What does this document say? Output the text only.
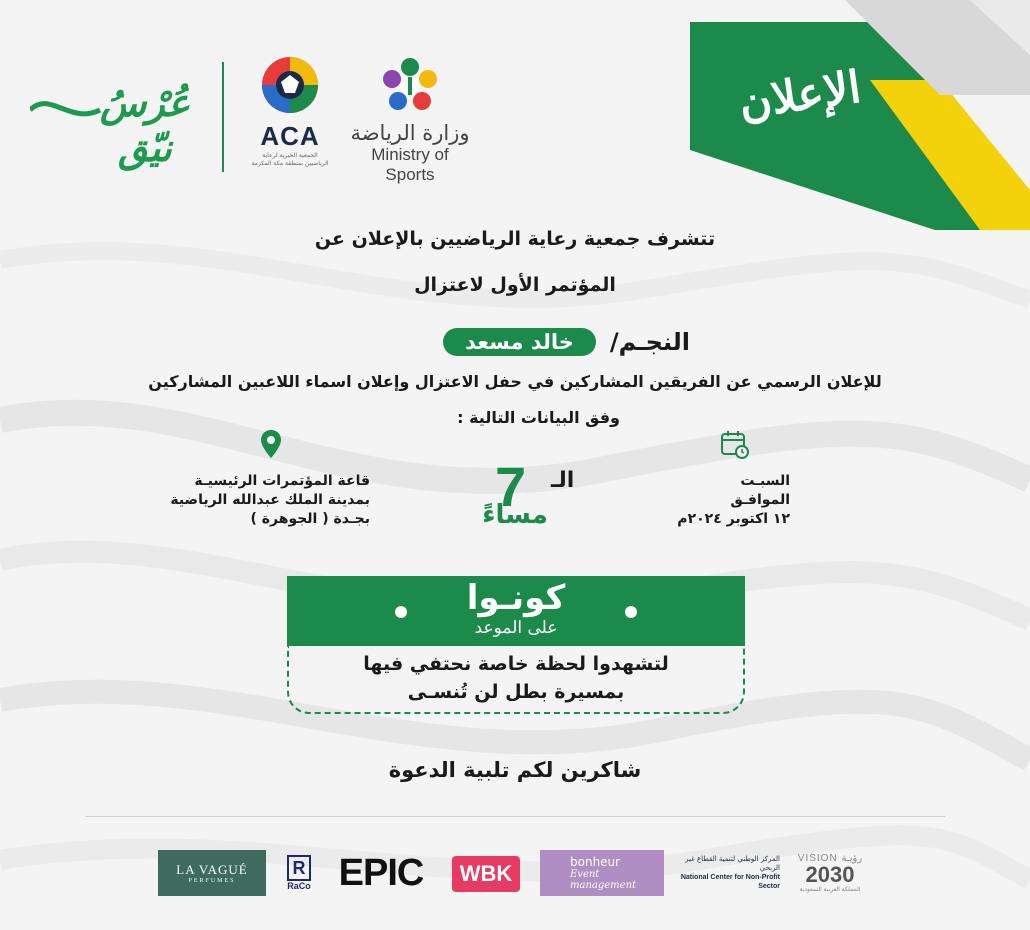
الإعلان
وزارة الرياضة
Ministry of Sports
ACA
الجمعية الخيرية لرعاية الرياضيين بمنطقة مكة المكرمة
عُرْسُ نيّق
تتشرف جمعية رعاية الرياضيين بالإعلان عن
المؤتمر الأول لاعتزال
النجـم/
خالد مسعد
للإعلان الرسمي عن الفريقين المشاركين في حفل الاعتزال وإعلان اسماء اللاعبين المشاركين
وفق البيانات التالية :
قاعة المؤتمرات الرئيسيـة
بمدينة الملك عبدالله الرياضية
بجـدة ( الجوهرة )
الـ
7
مساءً
السبـت
الموافـق
١٢ اكتوبر ٢٠٢٤م
كونـوا
على الموعد
لتشهدوا لحظة خاصة نحتفي فيها
بمسيرة بطل لن تُنسـى
شاكرين لكم تلبية الدعوة
LA VAGUÉ
PERFUMES
R
RaCo EPIC	WBK	bonheur
Event management
المركز الوطني لتنمية القطاع غير الربحي
National Center for Non-Profit Sector
VISION رؤيـة
2030
المملكة العربية السعودية
